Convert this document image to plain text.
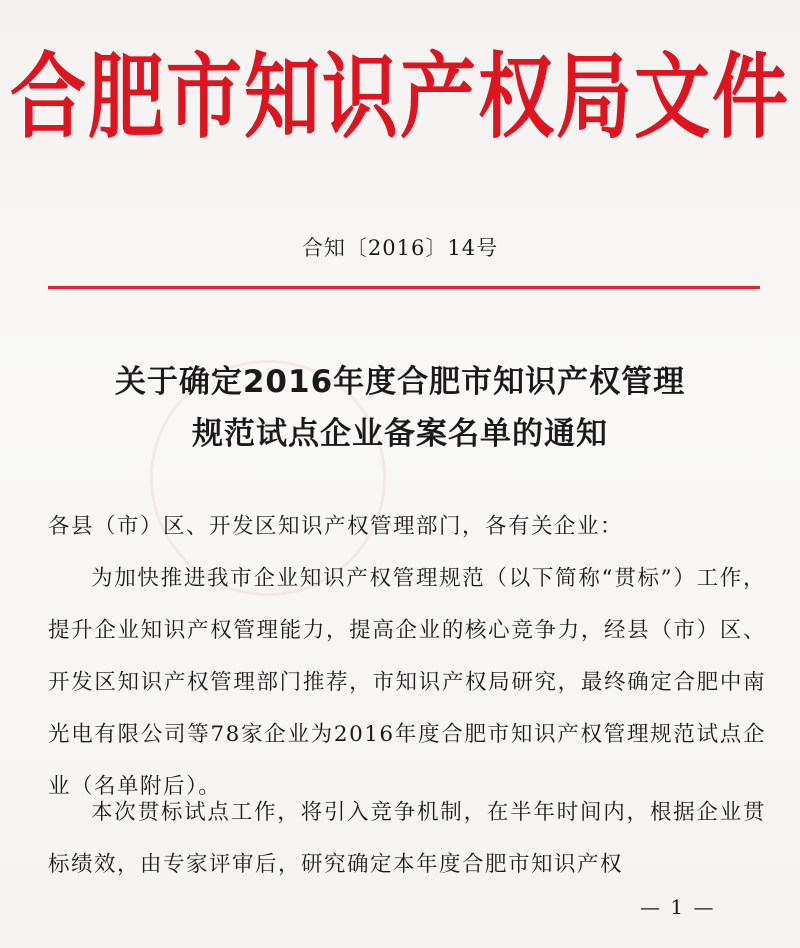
合肥市知识产权局文件
合知〔2016〕14号
关于确定2016年度合肥市知识产权管理
规范试点企业备案名单的通知
各县（市）区、开发区知识产权管理部门，各有关企业：
为加快推进我市企业知识产权管理规范（以下简称“贯标”）工作，提升企业知识产权管理能力，提高企业的核心竞争力，经县（市）区、开发区知识产权管理部门推荐，市知识产权局研究，最终确定合肥中南光电有限公司等78家企业为2016年度合肥市知识产权管理规范试点企业（名单附后）。
本次贯标试点工作，将引入竞争机制，在半年时间内，根据企业贯标绩效，由专家评审后，研究确定本年度合肥市知识产权
— 1 —
